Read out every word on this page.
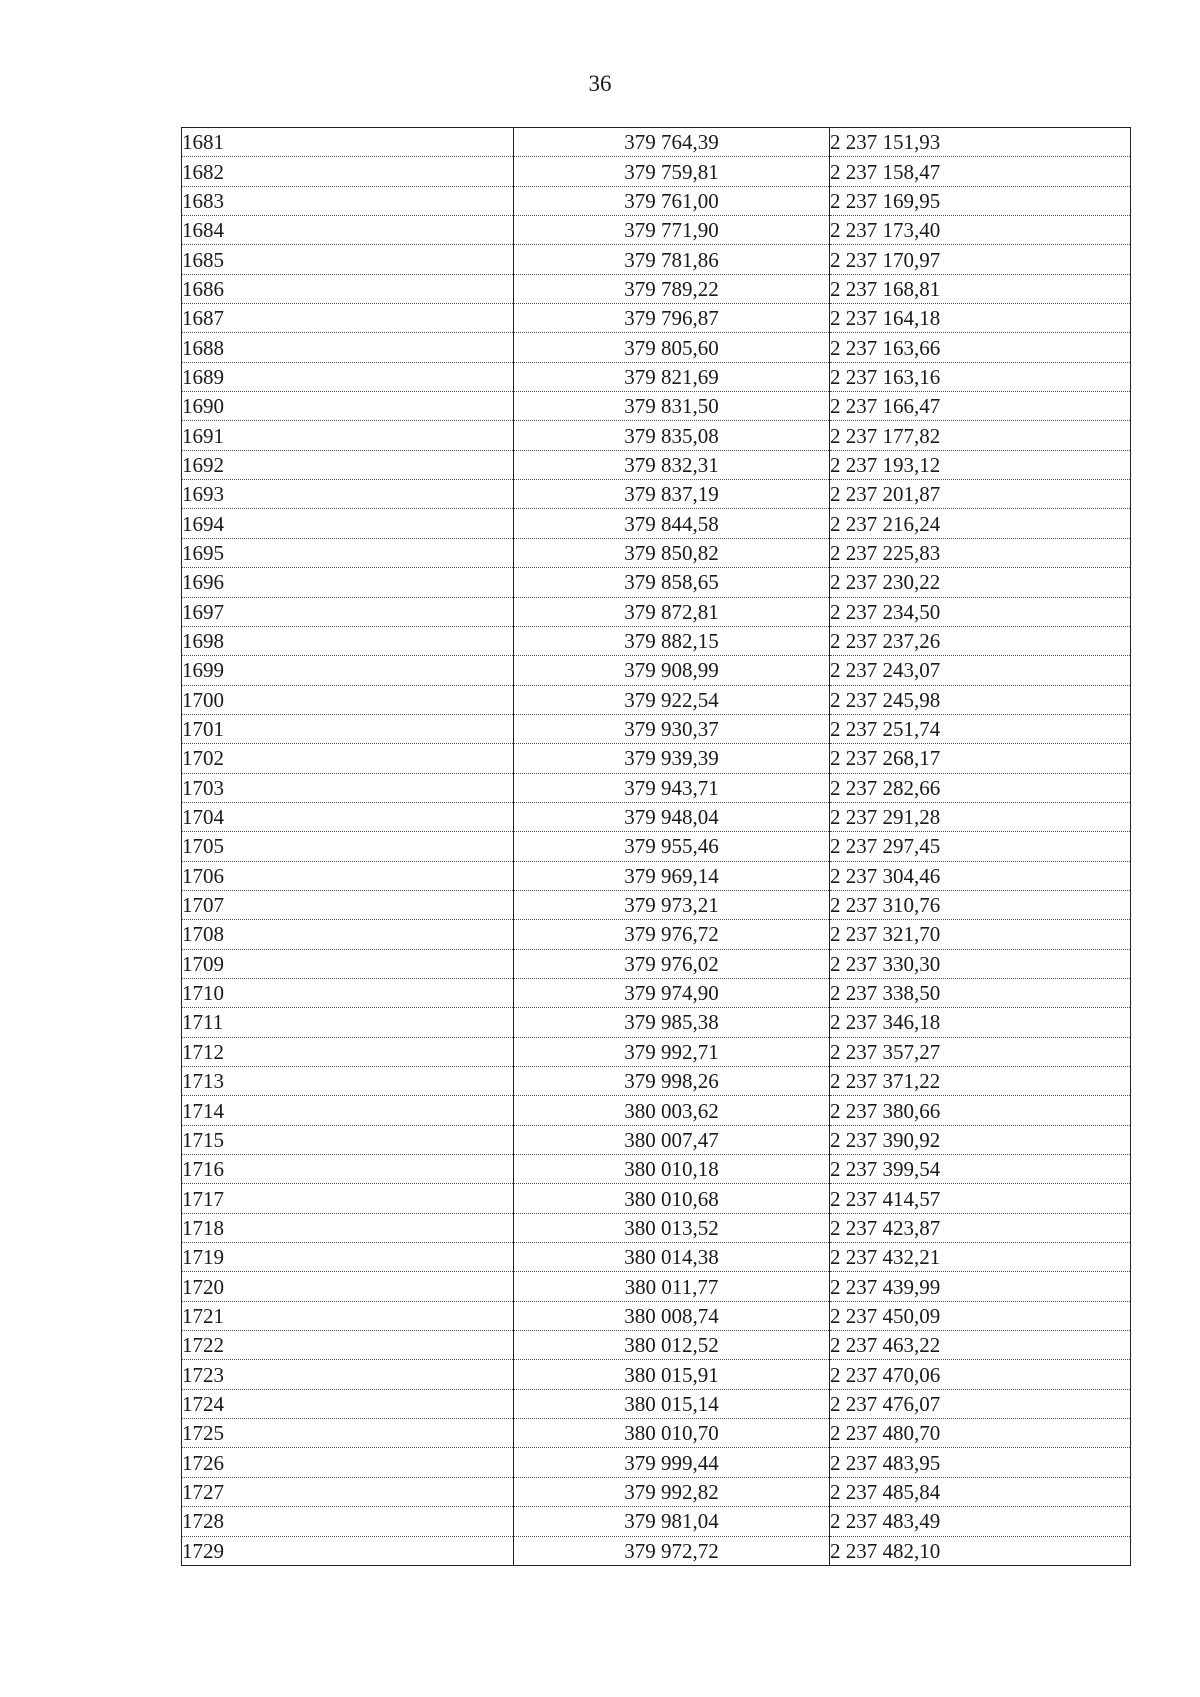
36
1681	379 764,39	2 237 151,93
1682	379 759,81	2 237 158,47
1683	379 761,00	2 237 169,95
1684	379 771,90	2 237 173,40
1685	379 781,86	2 237 170,97
1686	379 789,22	2 237 168,81
1687	379 796,87	2 237 164,18
1688	379 805,60	2 237 163,66
1689	379 821,69	2 237 163,16
1690	379 831,50	2 237 166,47
1691	379 835,08	2 237 177,82
1692	379 832,31	2 237 193,12
1693	379 837,19	2 237 201,87
1694	379 844,58	2 237 216,24
1695	379 850,82	2 237 225,83
1696	379 858,65	2 237 230,22
1697	379 872,81	2 237 234,50
1698	379 882,15	2 237 237,26
1699	379 908,99	2 237 243,07
1700	379 922,54	2 237 245,98
1701	379 930,37	2 237 251,74
1702	379 939,39	2 237 268,17
1703	379 943,71	2 237 282,66
1704	379 948,04	2 237 291,28
1705	379 955,46	2 237 297,45
1706	379 969,14	2 237 304,46
1707	379 973,21	2 237 310,76
1708	379 976,72	2 237 321,70
1709	379 976,02	2 237 330,30
1710	379 974,90	2 237 338,50
1711	379 985,38	2 237 346,18
1712	379 992,71	2 237 357,27
1713	379 998,26	2 237 371,22
1714	380 003,62	2 237 380,66
1715	380 007,47	2 237 390,92
1716	380 010,18	2 237 399,54
1717	380 010,68	2 237 414,57
1718	380 013,52	2 237 423,87
1719	380 014,38	2 237 432,21
1720	380 011,77	2 237 439,99
1721	380 008,74	2 237 450,09
1722	380 012,52	2 237 463,22
1723	380 015,91	2 237 470,06
1724	380 015,14	2 237 476,07
1725	380 010,70	2 237 480,70
1726	379 999,44	2 237 483,95
1727	379 992,82	2 237 485,84
1728	379 981,04	2 237 483,49
1729	379 972,72	2 237 482,10
